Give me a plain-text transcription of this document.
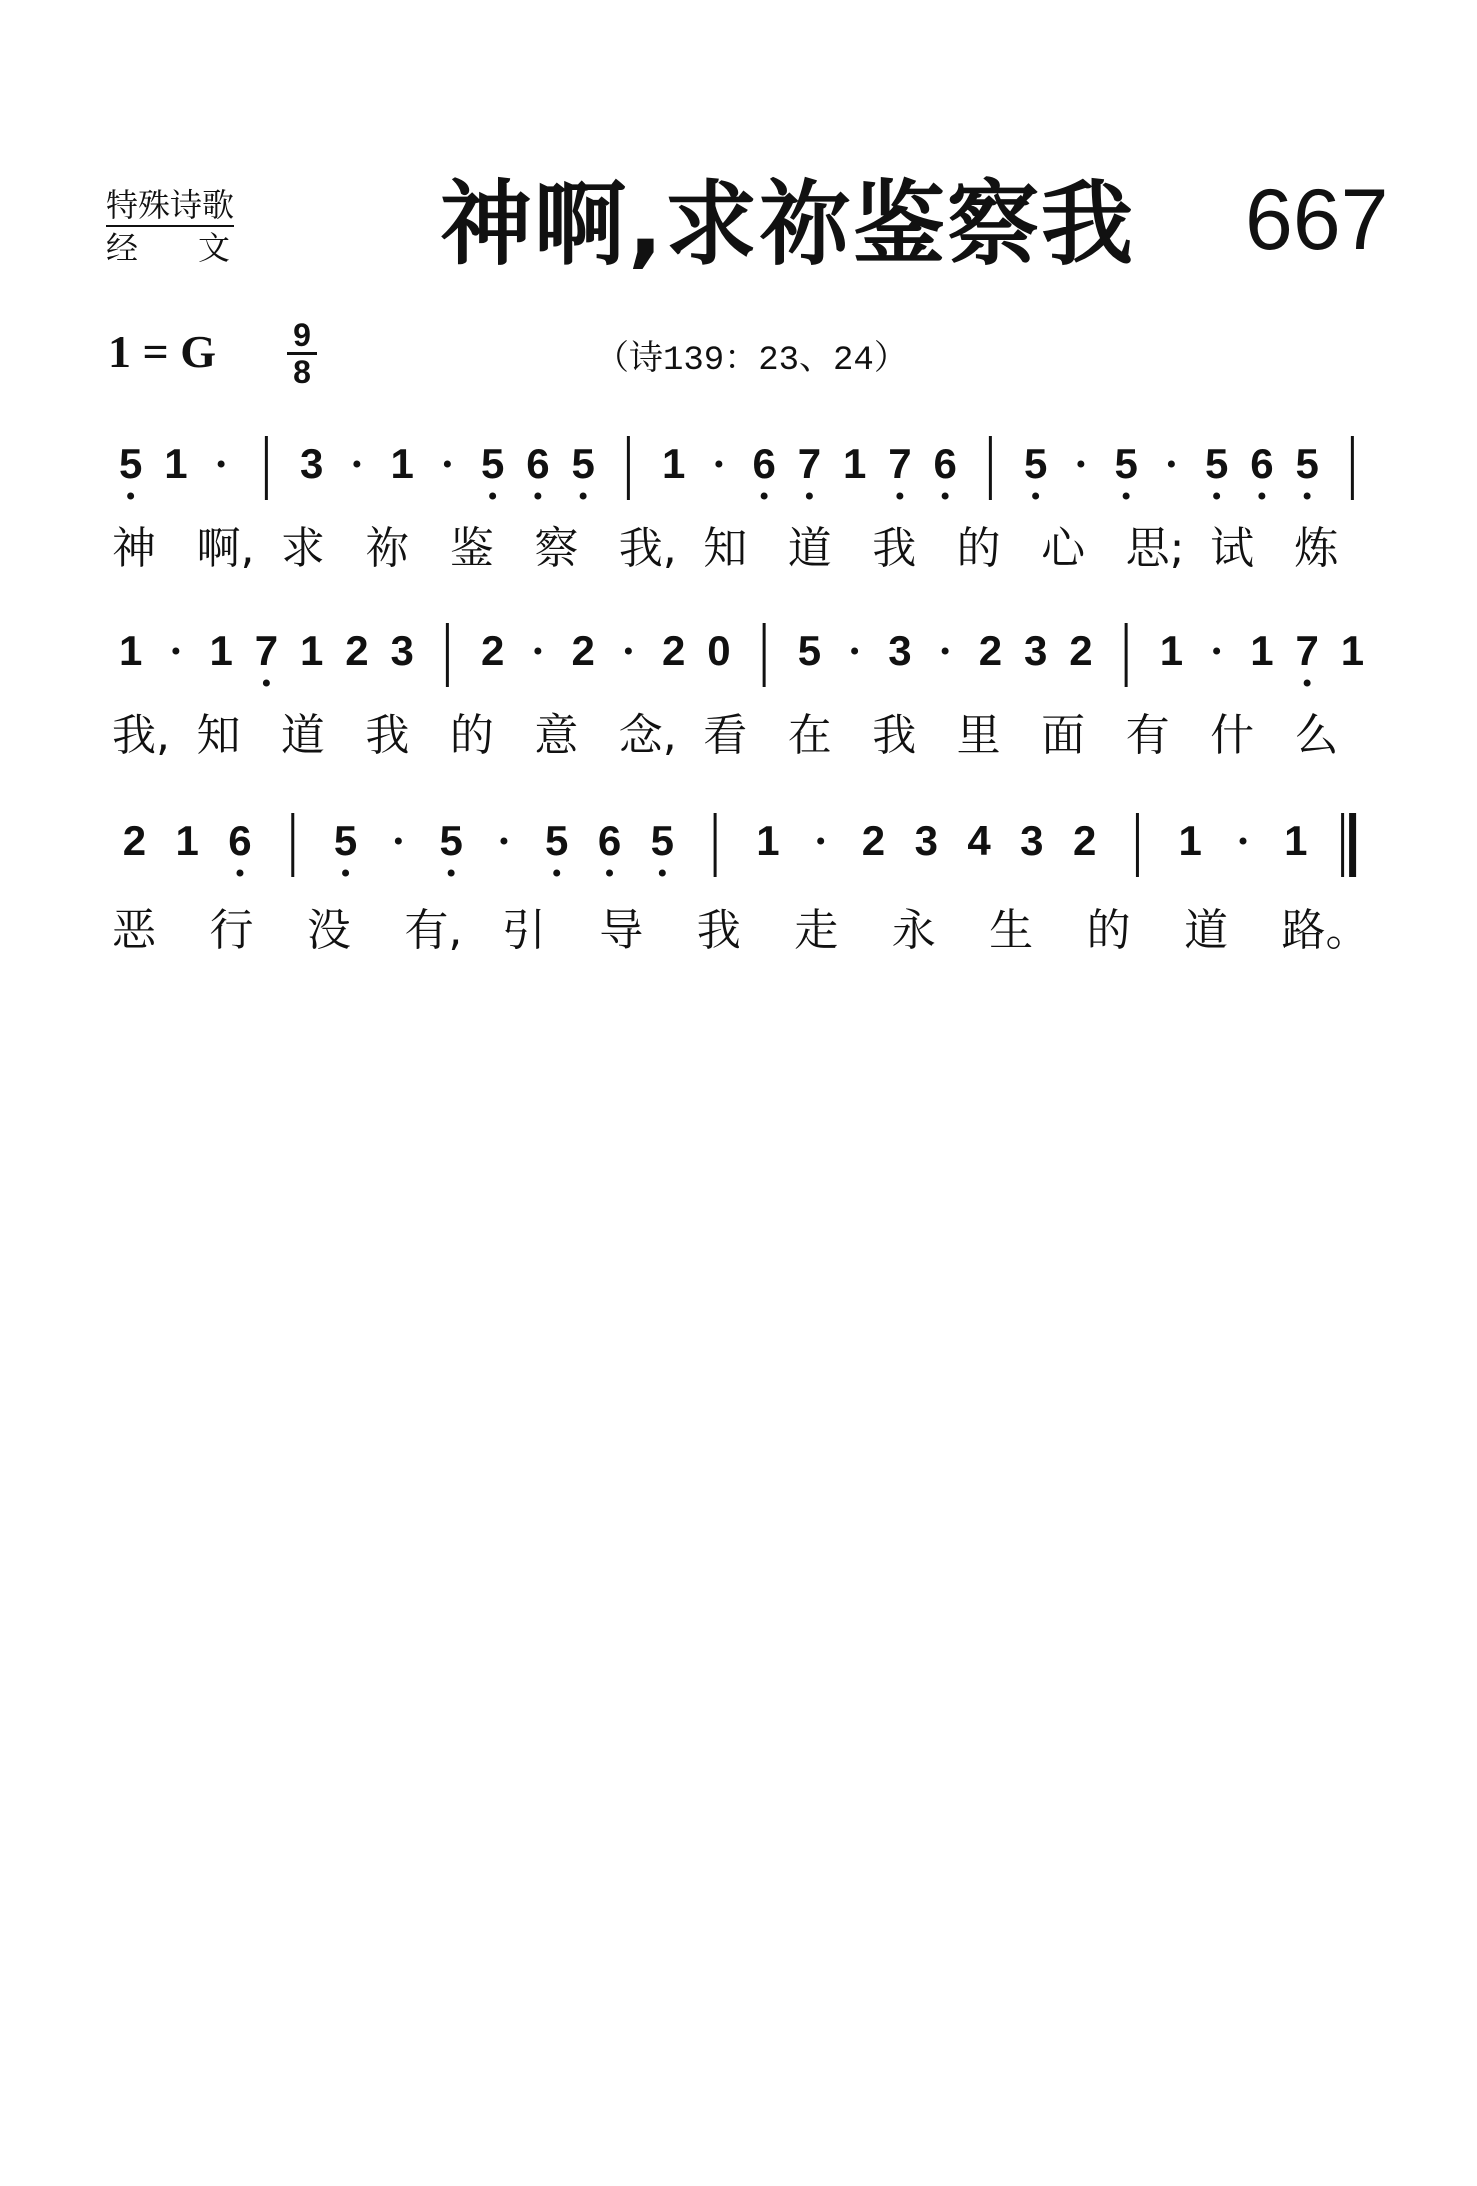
特殊诗歌
经文 神啊,求祢鉴察我 667
1 = G 9
8	（诗139：23、24）
5 1	3 1 5 6 5 1 6 7 1 7 6 5 5 5 6 5
神 啊, 求 祢 鉴 察 我, 知 道 我 的 心 思; 试 炼
1 1 7 1 2 3 2 2 2 0 5 3 2 3 2 1 1 7 1
我, 知 道 我 的 意 念, 看 在 我 里 面 有 什 么
2 1 6 5 5 5 6 5 1 2 3 4 3 2 1 1
恶 行 没 有, 引 导 我 走 永 生 的 道 路。
